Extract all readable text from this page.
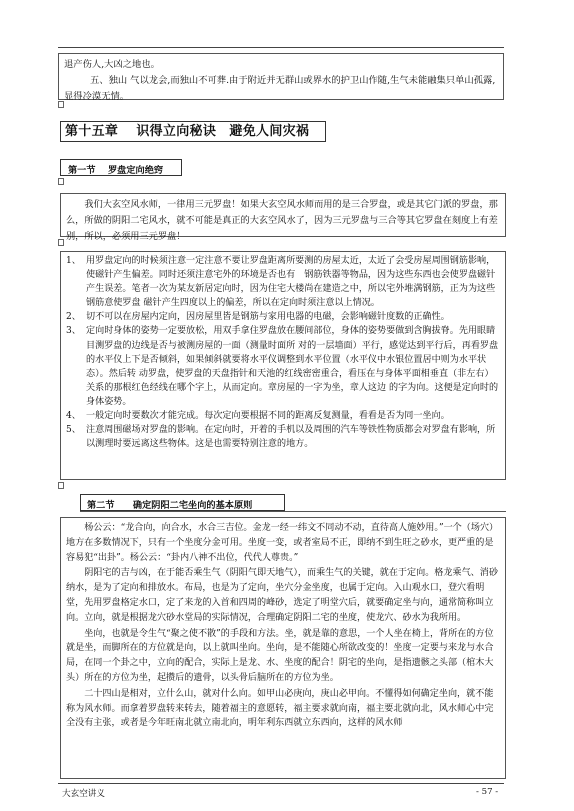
退产伤人,大凶之地也。

五、独山 气以龙会,而独山不可葬.由于附近并无群山或界水的护卫山作随,生气未能融集只单山孤露,显得冷漠无情。

第十五章　 识得立向秘诀　避免人间灾祸
第一节　 罗盘定向绝窍
我们大玄空风水师，一律用三元罗盘！如果大玄空风水师而用的是三合罗盘，或是其它门派的罗盘，那么，所做的阴阳二宅风水，就不可能是真正的大玄空风水了，因为三元罗盘与三合等其它罗盘在刻度上有差别，所以，必须用三元罗盘！
1、 用罗盘定向的时候须注意一定注意不要让罗盘距离所要测的房屋太近，太近了会受房屋周围钢筋影响，使磁针产生偏差。同时还须注意宅外的环境是否也有　钢筋铁器等物品，因为这些东西也会使罗盘磁针产生误差。笔者一次为某友新居定向时，因为住宅大楼尚在建造之中，所以宅外堆满钢筋，正为为这些钢筋意使罗盘 磁针产生四度以上的偏差，所以在定向时须注意以上情况。
2、 切不可以在房屋内定向，因房屋里皆是钢筋与家用电器的电磁，会影响磁针度数的正确性。
3、 定向时身体的姿势一定要放松，用双手拿住罗盘放在腰间部位，身体的姿势要做到含胸拔脊。先用眼睛目测罗盘的边线是否与被测房屋的一面（测量时面所 对的一层墙面）平行，感觉达到平行后，再看罗盘的水平仪上下是否倾斜，如果倾斜就要将水平仪调整到水平位置（水平仪中水银位置居中则为水平状态）。然后转 动罗盘，使罗盘的天盘指针和天池的红线密密重合，看压在与身体平面相垂直（非左右）关系的那根红色经线在哪个字上，从而定向。章房屋的一字为坐，章人这边 的字为向。这便是定向时的身体姿势。
4、 一般定向时要数次才能完成。每次定向要根据不同的距离反复测量，看看是否为同一坐向。
5、 注意周围磁场对罗盘的影响。在定向时，开着的手机以及周围的汽车等铁性物质都会对罗盘有影响，所以测理时要远离这些物体。这是也需要特别注意的地方。
第二节　　确定阴阳二宅坐向的基本原则

杨公云：“龙合向，向合水，水合三吉位。金龙一经一纬文不同动不动，直待高人施妙用。”一个（场穴）地方在多数情况下，只有一个坐度分金可用。坐度一变，或者室局不正，即纳不到生旺之砂水，更严重的是容易犯“出卦”。杨公云：“卦内八神不出位，代代人尊贵。”

阴阳宅的吉与凶，在于能否乘生气（阴阳气即天地气），而乘生气的关键，就在于定向。格龙乘气、消砂纳水，是为了定向和排放水。布局，也是为了定向，坐穴分金坐度，也属于定向。入山观水口，登穴看明堂，先用罗盘格定水口，定了来龙的入首和四周的峰砂，选定了明堂穴后，就要确定坐与向，通常简称叫立向。立向，就是根据龙穴砂水堂局的实际情况，合理确定阴阳二宅的坐度，使龙穴、砂水为我所用。

坐向，也就是令生气“聚之使不散”的手段和方法。坐，就是靠的意思，一个人坐在椅上，背所在的方位就是坐，而脚所在的方位就是向，以上就叫坐向。坐向，是不能随心所欲改变的！坐度一定要与来龙与水合局，在同一个卦之中，立向的配合，实际上是龙、水、坐度的配合！阴宅的坐向，是指遗骸之头部（棺木大头）所在的方位为坐，起攒后的遗骨，以头骨后脑所在的方位为坐。

二十四山是相对，立什么山，就对什么向。如甲山必庚向，庚山必甲向。不懂得如何确定坐向，就不能称为风水师。而拿着罗盘转来转去，随着福主的意愿转，福主要求就向南，福主要北就向北，风水师心中完全没有主张，或者是今年旺南北就立南北向，明年利东西就立东西向，这样的风水师

大玄空讲义	- 57 -
